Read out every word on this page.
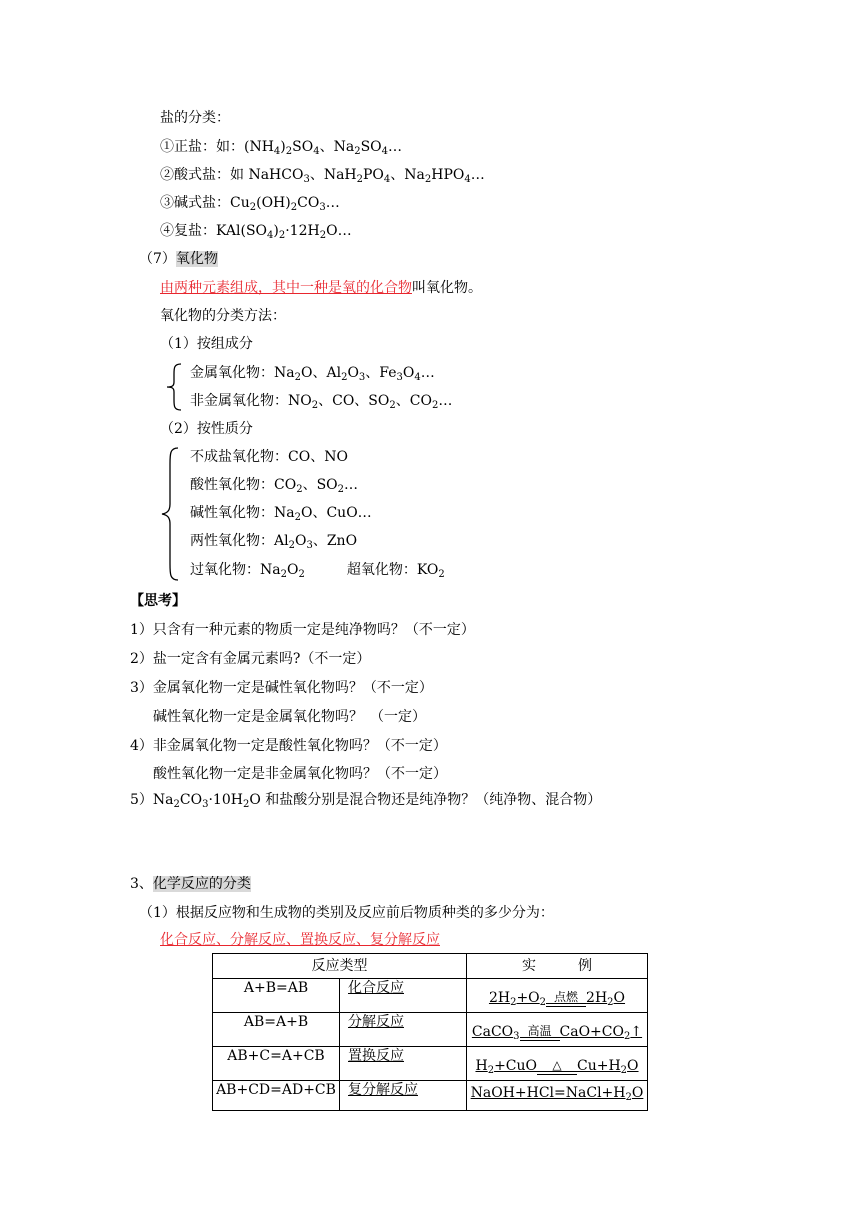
盐的分类：
①正盐：如：$(NH_4)_2SO_4$、$Na_2SO_4\dots$
②酸式盐：如 NaHCO$_3$、$NaH_2PO_4$、$Na_2HPO_4\dots$
③碱式盐：$Cu_2(OH)_2CO_3\dots$
④复盐：$KAl(SO_4)_2\cdot 12H_2O\dots$
（7）氧化物
由两种元素组成，其中一种是氧的化合物叫氧化物。
氧化物的分类方法：
（1）按组成分
金属氧化物：$Na_2O$、$Al_2O_3$、$Fe_3O_4\dots$
非金属氧化物：$NO_2$、CO、$SO_2$、$CO_2\dots$
（2）按性质分
不成盐氧化物：CO、NO
酸性氧化物：$CO_2$、$SO_2\dots$
碱性氧化物：$Na_2O$、CuO…
两性氧化物：$Al_2O_3$、ZnO
过氧化物：$Na_2O_2$	超氧化物：$KO_2$
【思考】
1）只含有一种元素的物质一定是纯净物吗？（不一定）
2）盐一定含有金属元素吗?（不一定）
3）金属氧化物一定是碱性氧化物吗？（不一定）
碱性氧化物一定是金属氧化物吗？　（一定）
4）非金属氧化物一定是酸性氧化物吗？（不一定）
酸性氧化物一定是非金属氧化物吗？（不一定）
$5)Na_2CO_3\cdot 10H_2O$ 和盐酸分别是混合物还是纯净物？（纯净物、混合物）
3、化学反应的分类
（1）根据反应物和生成物的类别及反应前后物质种类的多少分为：
化合反应、分解反应、置换反应、复分解反应
反应类型		实　　　例
A+B=AB	化合反应	$2H_2+O_2$ 点燃 $2H_2O$
AB=A+B	分解反应	CaCO$_3$ 高温 $CaO+CO_2↑$
AB+C=A+CB	置换反应	$H_2+CuO$ △ $Cu+H_2O$
AB+CD=AD+CB	复分解反应	$NaOH+HCl=NaCl+H_2O$
